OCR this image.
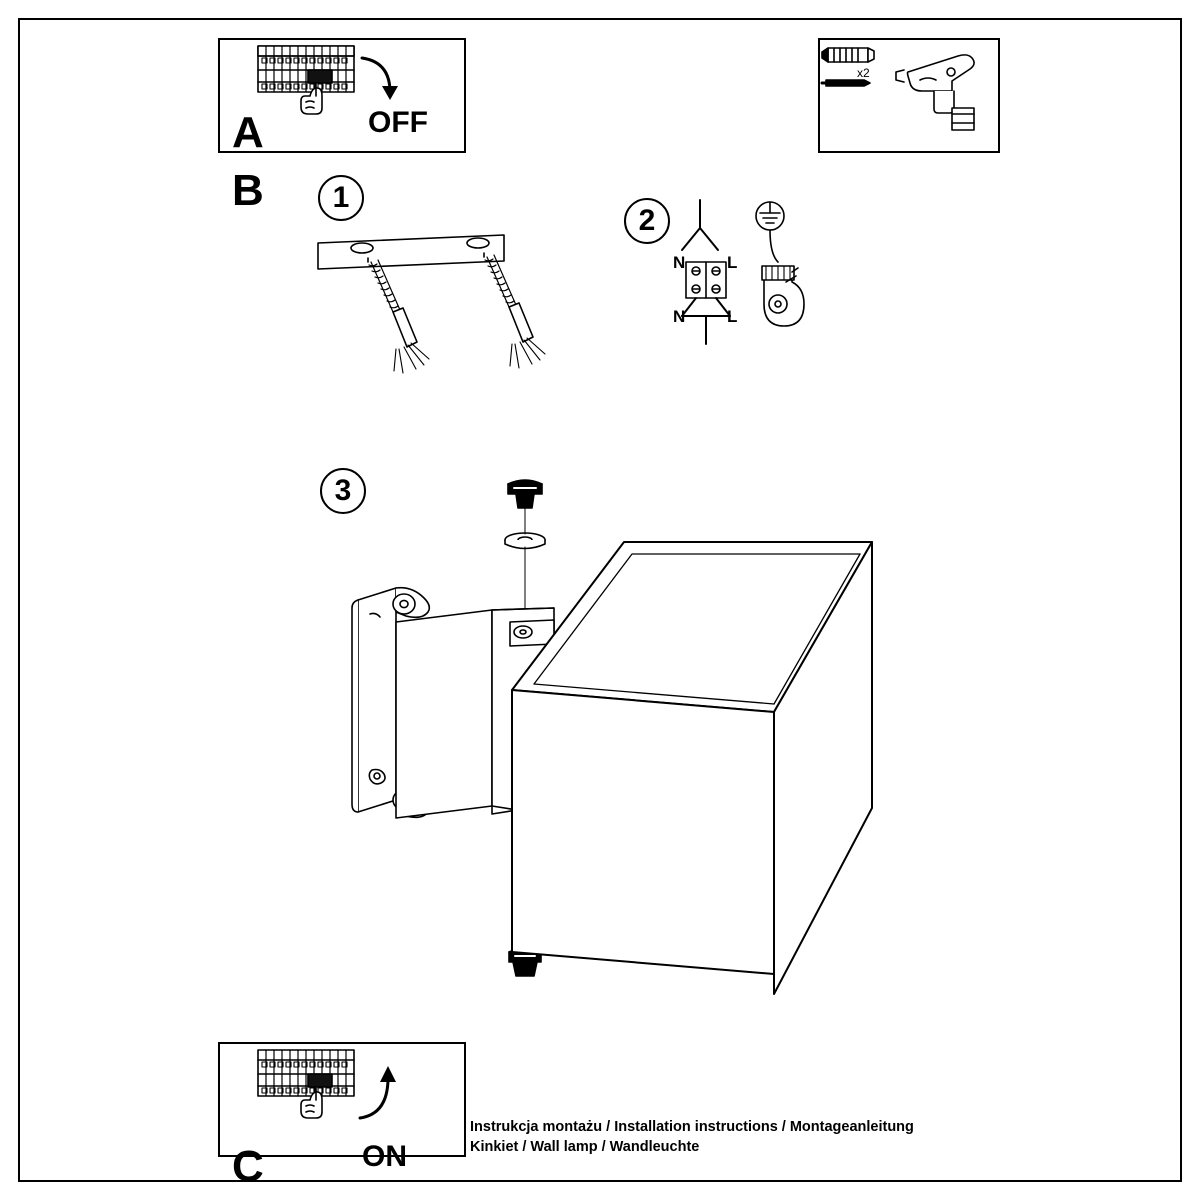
A	OFF
x2
B	1
2
3
N L
N L
C	ON
Instrukcja montażu / Installation instructions / Montageanleitung
Kinkiet / Wall lamp / Wandleuchte
